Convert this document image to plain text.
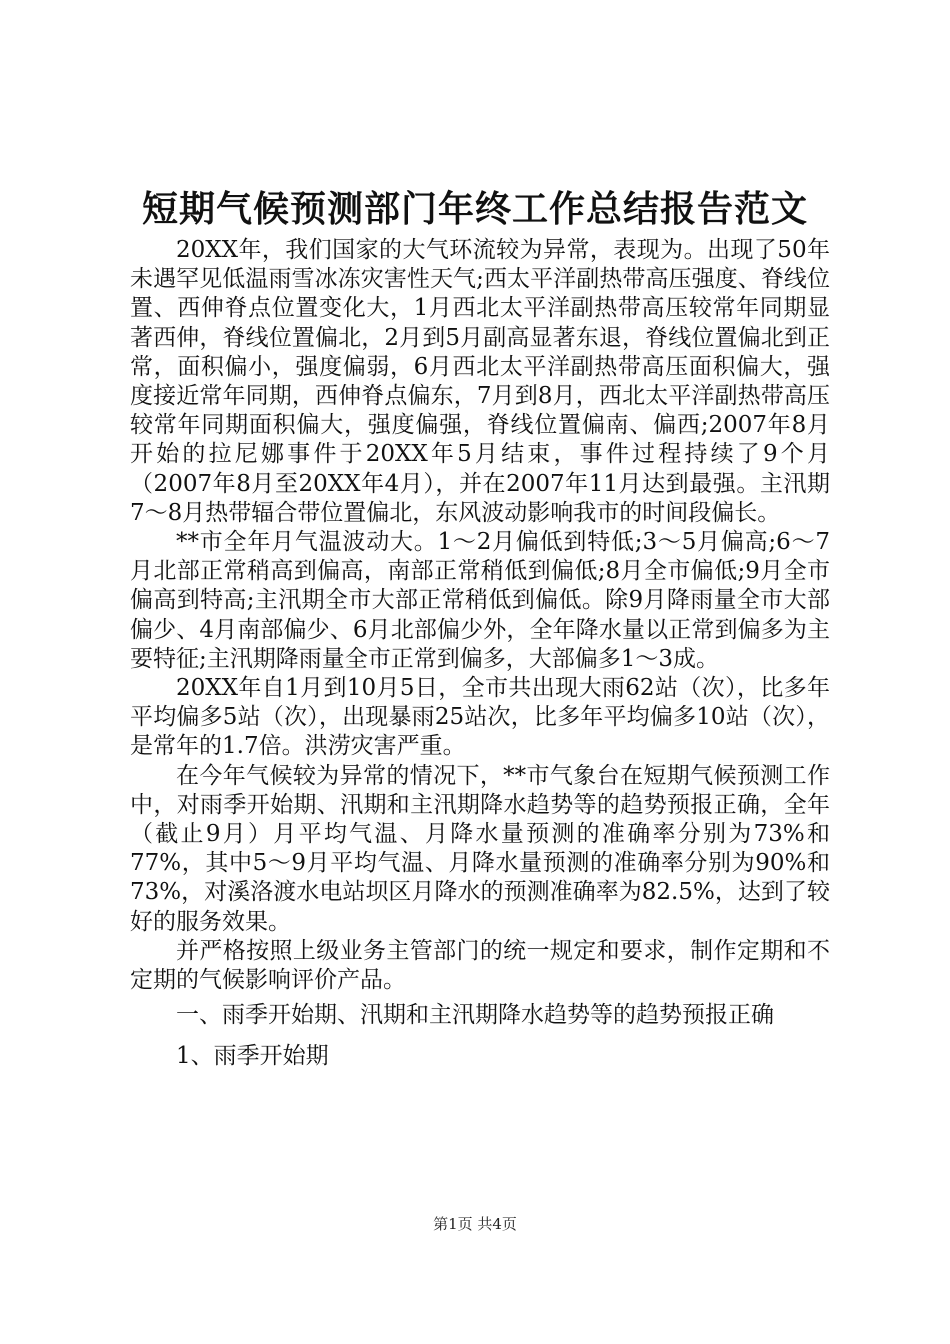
短期气候预测部门年终工作总结报告范文

20XX年，我们国家的大气环流较为异常，表现为。出现了50年未遇罕见低温雨雪冰冻灾害性天气;西太平洋副热带高压强度、脊线位置、西伸脊点位置变化大，1月西北太平洋副热带高压较常年同期显著西伸，脊线位置偏北，2月到5月副高显著东退，脊线位置偏北到正常，面积偏小，强度偏弱，6月西北太平洋副热带高压面积偏大，强度接近常年同期，西伸脊点偏东，7月到8月，西北太平洋副热带高压较常年同期面积偏大，强度偏强，脊线位置偏南、偏西;2007年8月开始的拉尼娜事件于20XX年5月结束，事件过程持续了9个月（2007年8月至20XX年4月），并在2007年11月达到最强。主汛期7～8月热带辐合带位置偏北，东风波动影响我市的时间段偏长。

**市全年月气温波动大。1～2月偏低到特低;3～5月偏高;6～7月北部正常稍高到偏高，南部正常稍低到偏低;8月全市偏低;9月全市偏高到特高;主汛期全市大部正常稍低到偏低。除9月降雨量全市大部偏少、4月南部偏少、6月北部偏少外，全年降水量以正常到偏多为主要特征;主汛期降雨量全市正常到偏多，大部偏多1～3成。

20XX年自1月到10月5日，全市共出现大雨62站（次），比多年平均偏多5站（次），出现暴雨25站次，比多年平均偏多10站（次），是常年的1.7倍。洪涝灾害严重。

在今年气候较为异常的情况下，**市气象台在短期气候预测工作中，对雨季开始期、汛期和主汛期降水趋势等的趋势预报正确，全年（截止9月）月平均气温、月降水量预测的准确率分别为73%和77%，其中5～9月平均气温、月降水量预测的准确率分别为90%和73%，对溪洛渡水电站坝区月降水的预测准确率为82.5%，达到了较好的服务效果。

并严格按照上级业务主管部门的统一规定和要求，制作定期和不定期的气候影响评价产品。

一、雨季开始期、汛期和主汛期降水趋势等的趋势预报正确

1、雨季开始期

第1页 共4页
